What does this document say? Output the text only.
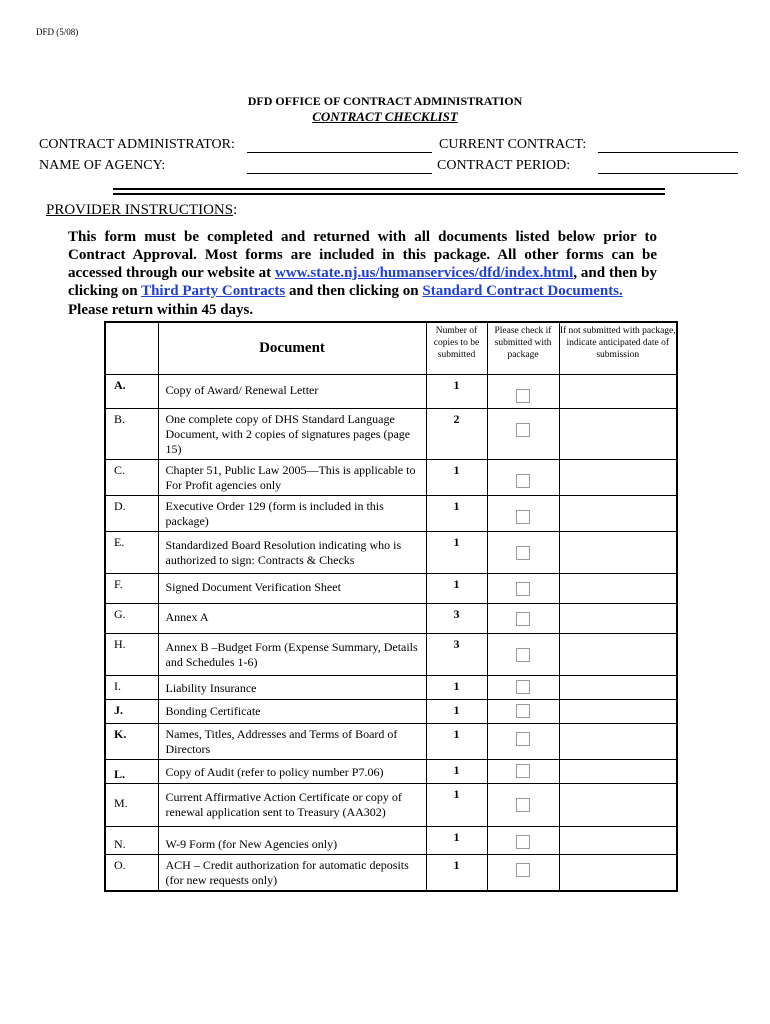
DFD (5/08)
DFD OFFICE OF CONTRACT ADMINISTRATION
CONTRACT CHECKLIST
CONTRACT ADMINISTRATOR:	CURRENT CONTRACT:
NAME OF AGENCY:	CONTRACT PERIOD:
PROVIDER INSTRUCTIONS:

This form must be completed and returned with all documents listed below prior to Contract Approval. Most forms are included in this package. All other forms can be accessed through our website at www.state.nj.us/humanservices/dfd/index.html, and then by clicking on Third Party Contracts and then clicking on Standard Contract Documents.

Please return within 45 days.
	Document	Number of copies to be submitted	Please check if submitted with package	If not submitted with package, indicate anticipated date of submission
A.	Copy of Award/ Renewal Letter	1		
B.	One complete copy of DHS Standard Language Document, with 2 copies of signatures pages (page 15)	2		
C.	Chapter 51, Public Law 2005—This is applicable to For Profit agencies only	1		
D.	Executive Order 129 (form is included in this package)	1		
E.	Standardized Board Resolution indicating who is authorized to sign: Contracts & Checks	1		
F.	Signed Document Verification Sheet	1		
G.	Annex A	3		
H.	Annex B –Budget Form (Expense Summary, Details and Schedules 1-6)	3		
I.	Liability Insurance	1		
J.	Bonding Certificate	1		
K.	Names, Titles, Addresses and Terms of Board of Directors	1		
L.	Copy of Audit (refer to policy number P7.06)	1		
M.	Current Affirmative Action Certificate or copy of renewal application sent to Treasury (AA302)	1		
N.	W-9 Form (for New Agencies only)	1		
O.	ACH – Credit authorization for automatic deposits (for new requests only)	1		
